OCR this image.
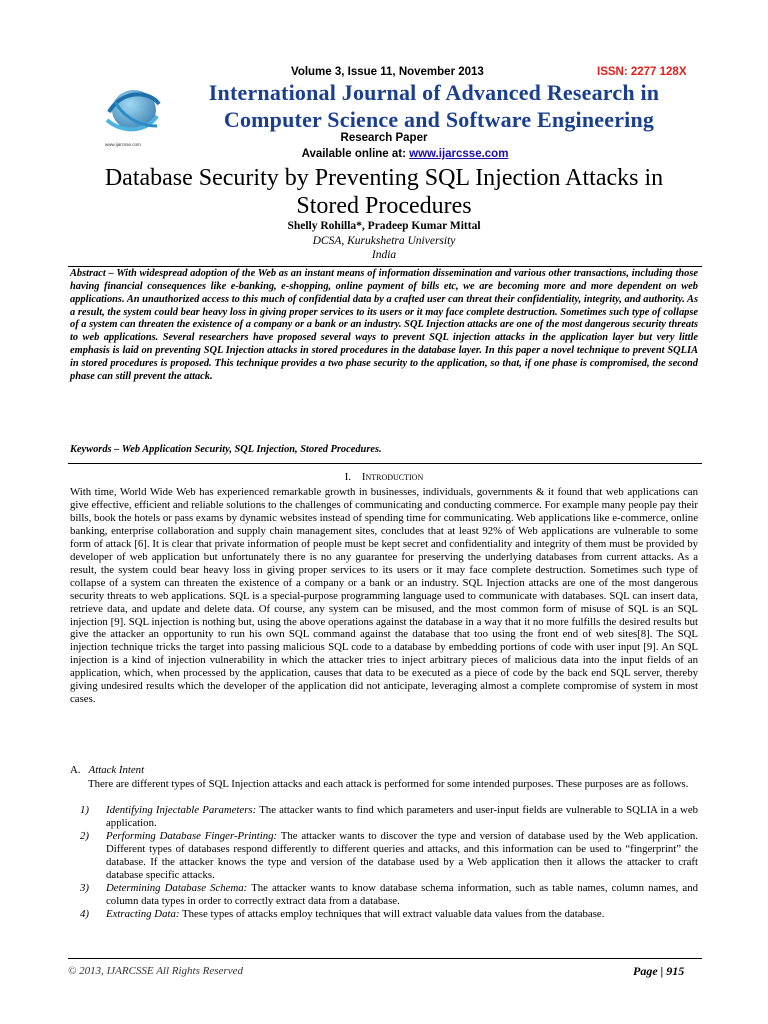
Volume 3, Issue 11, November 2013	ISSN: 2277 128X
www.ijarcsse.com
International Journal of Advanced Research in
Computer Science and Software Engineering
Research Paper
Available online at: www.ijarcsse.com
Database Security by Preventing SQL Injection Attacks in
Stored Procedures
Shelly Rohilla*, Pradeep Kumar Mittal
DCSA, Kurukshetra University
India
Abstract – With widespread adoption of the Web as an instant means of information dissemination and various other transactions, including those having financial consequences like e-banking, e-shopping, online payment of bills etc, we are becoming more and more dependent on web applications. An unauthorized access to this much of confidential data by a crafted user can threat their confidentiality, integrity, and authority. As a result, the system could bear heavy loss in giving proper services to its users or it may face complete destruction. Sometimes such type of collapse of a system can threaten the existence of a company or a bank or an industry. SQL Injection attacks are one of the most dangerous security threats to web applications. Several researchers have proposed several ways to prevent SQL injection attacks in the application layer but very little emphasis is laid on preventing SQL Injection attacks in stored procedures in the database layer. In this paper a novel technique to prevent SQLIA in stored procedures is proposed. This technique provides a two phase security to the application, so that, if one phase is compromised, the second phase can still prevent the attack.
Keywords – Web Application Security, SQL Injection, Stored Procedures.
I. Introduction
With time, World Wide Web has experienced remarkable growth in businesses, individuals, governments & it found that web applications can give effective, efficient and reliable solutions to the challenges of communicating and conducting commerce. For example many people pay their bills, book the hotels or pass exams by dynamic websites instead of spending time for communicating. Web applications like e-commerce, online banking, enterprise collaboration and supply chain management sites, concludes that at least 92% of Web applications are vulnerable to some form of attack [6]. It is clear that private information of people must be kept secret and confidentiality and integrity of them must be provided by developer of web application but unfortunately there is no any guarantee for preserving the underlying databases from current attacks. As a result, the system could bear heavy loss in giving proper services to its users or it may face complete destruction. Sometimes such type of collapse of a system can threaten the existence of a company or a bank or an industry. SQL Injection attacks are one of the most dangerous security threats to web applications. SQL is a special-purpose programming language used to communicate with databases. SQL can insert data, retrieve data, and update and delete data. Of course, any system can be misused, and the most common form of misuse of SQL is an SQL injection [9]. SQL injection is nothing but, using the above operations against the database in a way that it no more fulfills the desired results but give the attacker an opportunity to run his own SQL command against the database that too using the front end of web sites[8]. The SQL injection technique tricks the target into passing malicious SQL code to a database by embedding portions of code with user input [9]. An SQL injection is a kind of injection vulnerability in which the attacker tries to inject arbitrary pieces of malicious data into the input fields of an application, which, when processed by the application, causes that data to be executed as a piece of code by the back end SQL server, thereby giving undesired results which the developer of the application did not anticipate, leveraging almost a complete compromise of system in most cases.
A. Attack Intent
There are different types of SQL Injection attacks and each attack is performed for some intended purposes. These purposes are as follows.
1) Identifying Injectable Parameters: The attacker wants to find which parameters and user-input fields are vulnerable to SQLIA in a web application.
2) Performing Database Finger-Printing: The attacker wants to discover the type and version of database used by the Web application. Different types of databases respond differently to different queries and attacks, and this information can be used to “fingerprint” the database. If the attacker knows the type and version of the database used by a Web application then it allows the attacker to craft database specific attacks.
3) Determining Database Schema: The attacker wants to know database schema information, such as table names, column names, and column data types in order to correctly extract data from a database.
4) Extracting Data: These types of attacks employ techniques that will extract valuable data values from the database.
© 2013, IJARCSSE All Rights Reserved	Page | 915
